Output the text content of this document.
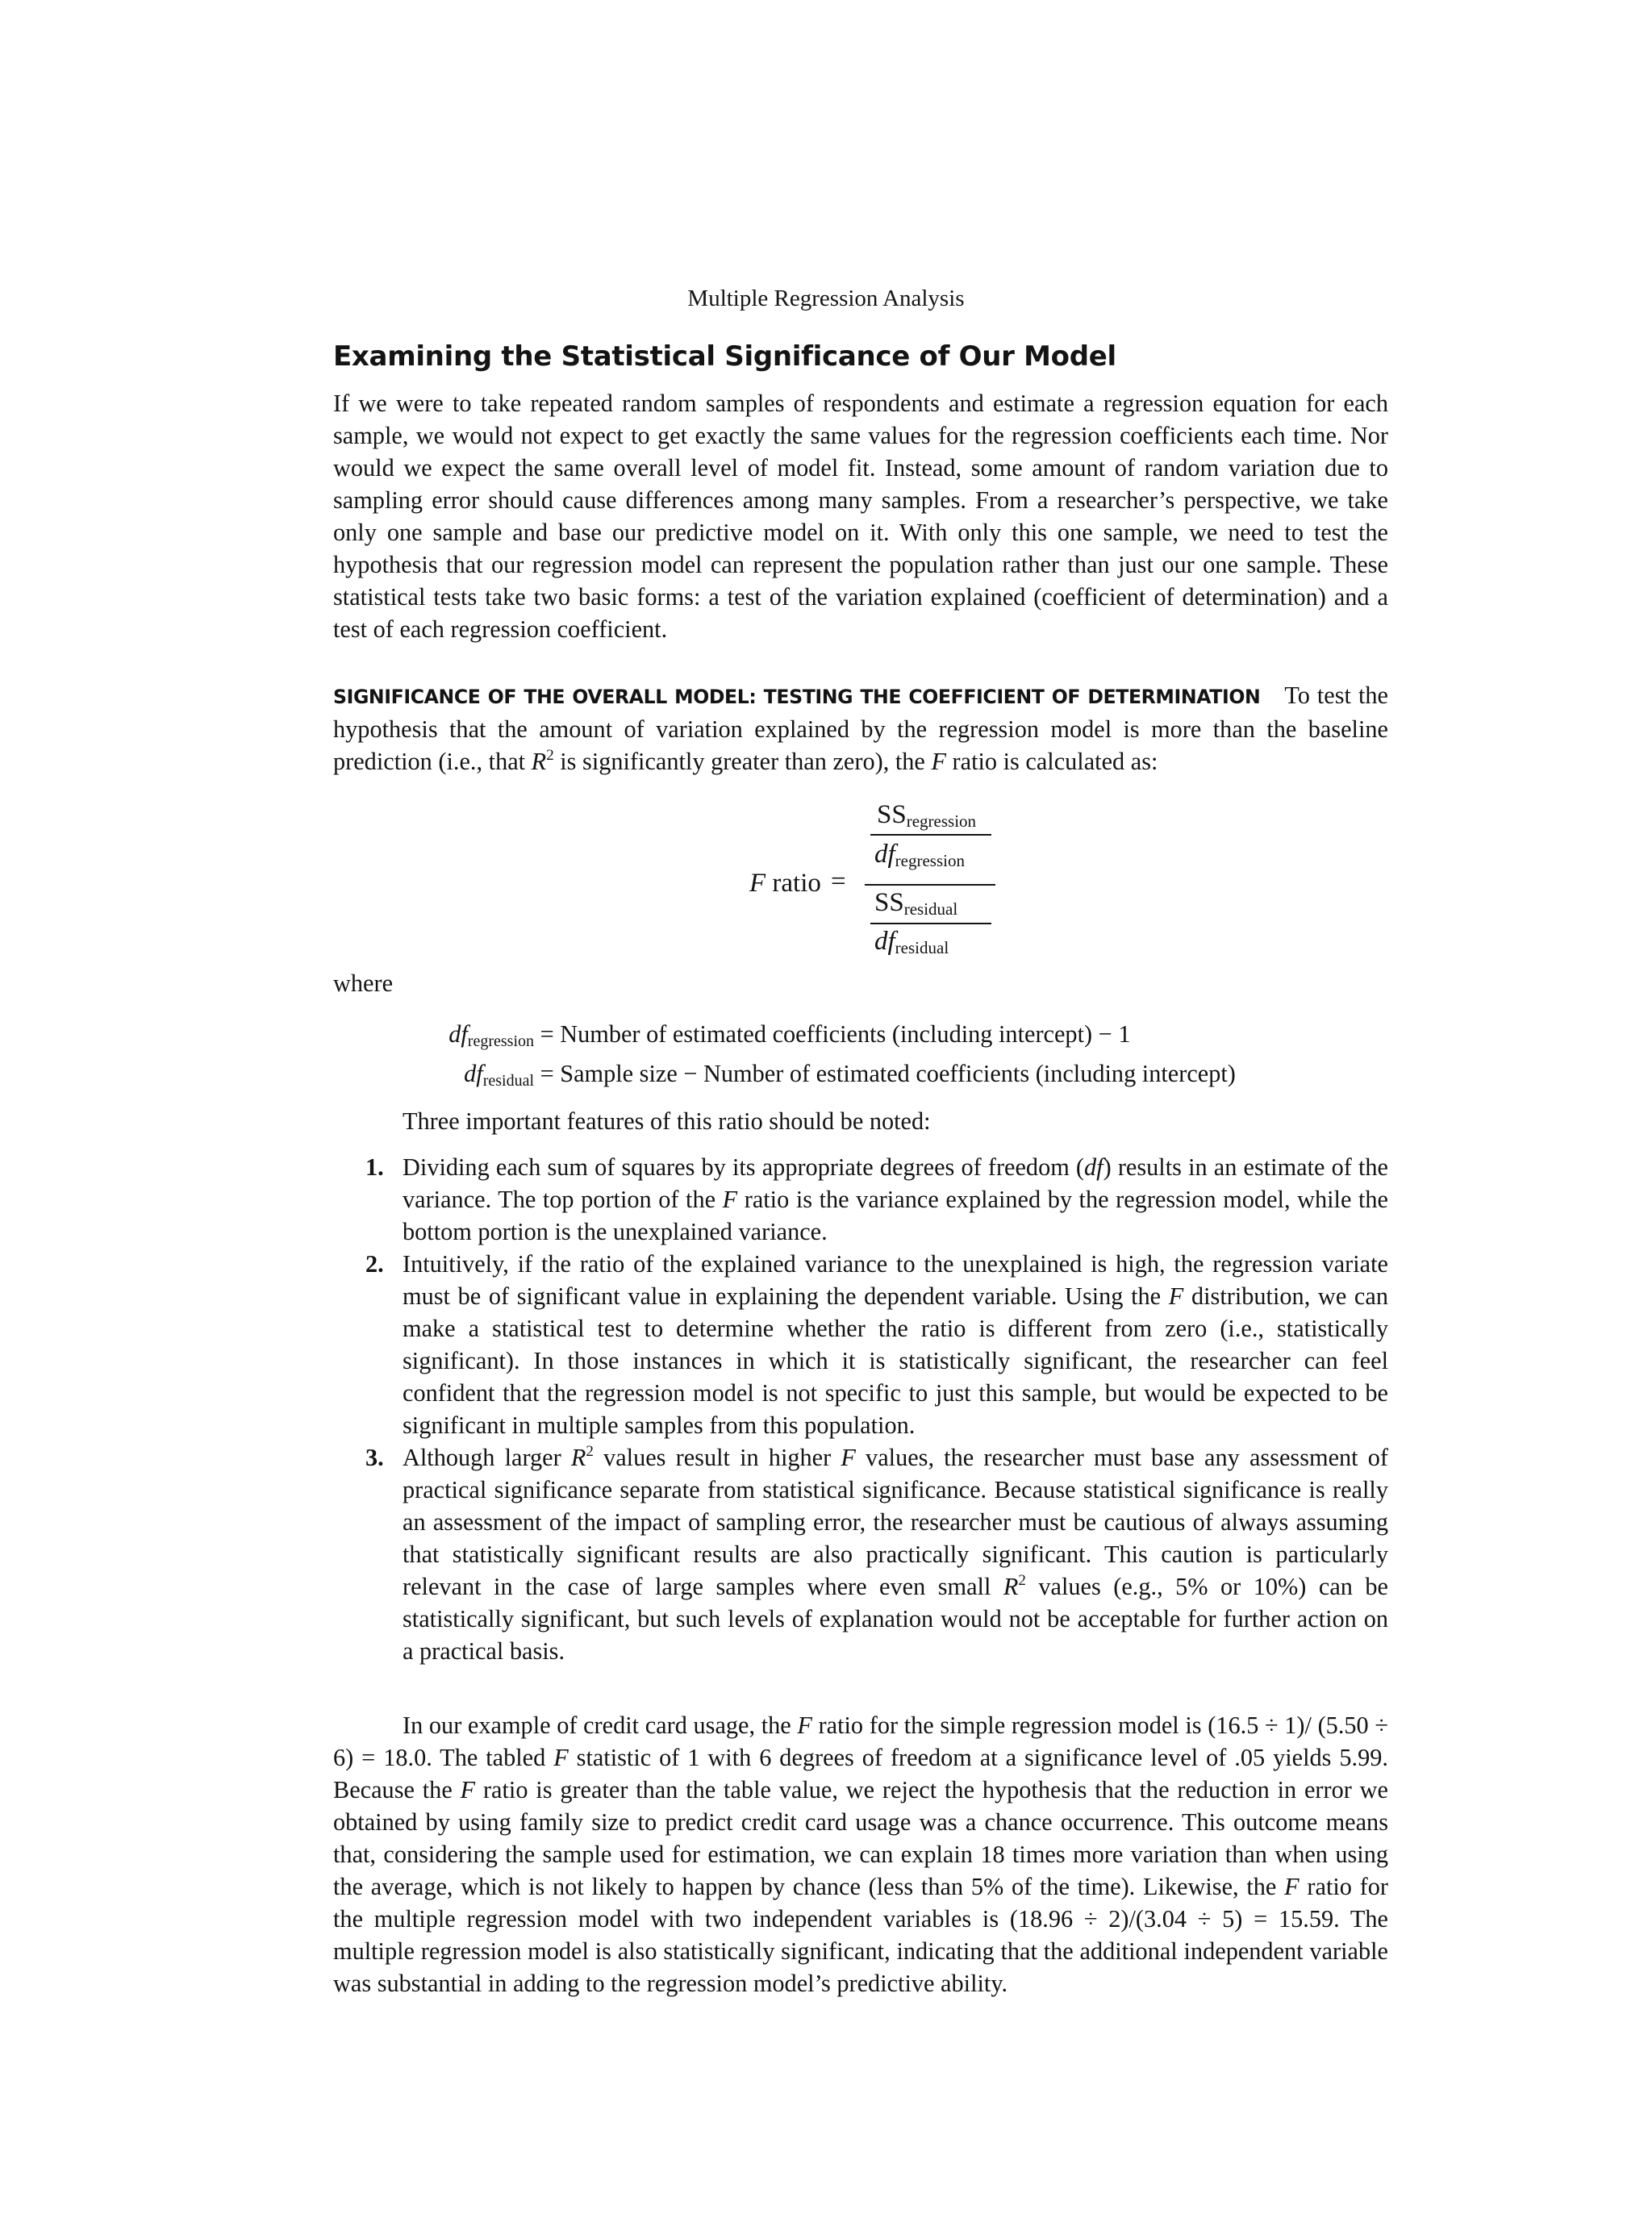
Multiple Regression Analysis
Examining the Statistical Significance of Our Model

If we were to take repeated random samples of respondents and estimate a regression equation for each sample, we would not expect to get exactly the same values for the regression coefficients each time. Nor would we expect the same overall level of model fit. Instead, some amount of random variation due to sampling error should cause differences among many samples. From a researcher’s perspective, we take only one sample and base our predictive model on it. With only this one sample, we need to test the hypothesis that our regression model can represent the population rather than just our one sample. These statistical tests take two basic forms: a test of the variation explained (coefficient of determination) and a test of each regression coefficient.

SIGNIFICANCE OF THE OVERALL MODEL: TESTING THE COEFFICIENT OF DETERMINATION To test the hypothesis that the amount of variation explained by the regression model is more than the baseline prediction (i.e., that $R^2$ is significantly greater than zero), the F ratio is calculated as:

F ratio =
$SS_{regression}$
$df_{regression}$
$SS_{residual}$
$df_{residual}$
where
$df_{regression}$ = Number of estimated coefficients (including intercept) − 1
$df_{residual}$ = Sample size − Number of estimated coefficients (including intercept)
Three important features of this ratio should be noted:
1. Dividing each sum of squares by its appropriate degrees of freedom (df) results in an estimate of the variance. The top portion of the F ratio is the variance explained by the regression model, while the bottom portion is the unexplained variance.
2. Intuitively, if the ratio of the explained variance to the unexplained is high, the regression variate must be of significant value in explaining the dependent variable. Using the F distribution, we can make a statistical test to determine whether the ratio is different from zero (i.e., statistically significant). In those instances in which it is statistically significant, the researcher can feel confident that the regression model is not specific to just this sample, but would be expected to be significant in multiple samples from this population.
3. Although larger $R^2$ values result in higher F values, the researcher must base any assessment of practical significance separate from statistical significance. Because statistical significance is really an assessment of the impact of sampling error, the researcher must be cautious of always assuming that statistically significant results are also practically significant. This caution is particularly relevant in the case of large samples where even small $R^2$ values (e.g., 5% or 10%) can be statistically significant, but such levels of explanation would not be acceptable for further action on a practical basis.

In our example of credit card usage, the F ratio for the simple regression model is (16.5 ÷ 1)/ (5.50 ÷ 6) = 18.0. The tabled F statistic of 1 with 6 degrees of freedom at a significance level of .05 yields 5.99. Because the F ratio is greater than the table value, we reject the hypothesis that the reduction in error we obtained by using family size to predict credit card usage was a chance occurrence. This outcome means that, considering the sample used for estimation, we can explain 18 times more variation than when using the average, which is not likely to happen by chance (less than 5% of the time). Likewise, the F ratio for the multiple regression model with two independent variables is (18.96 ÷ 2)/(3.04 ÷ 5) = 15.59. The multiple regression model is also statistically significant, indicating that the additional independent variable was substantial in adding to the regression model’s predictive ability.
